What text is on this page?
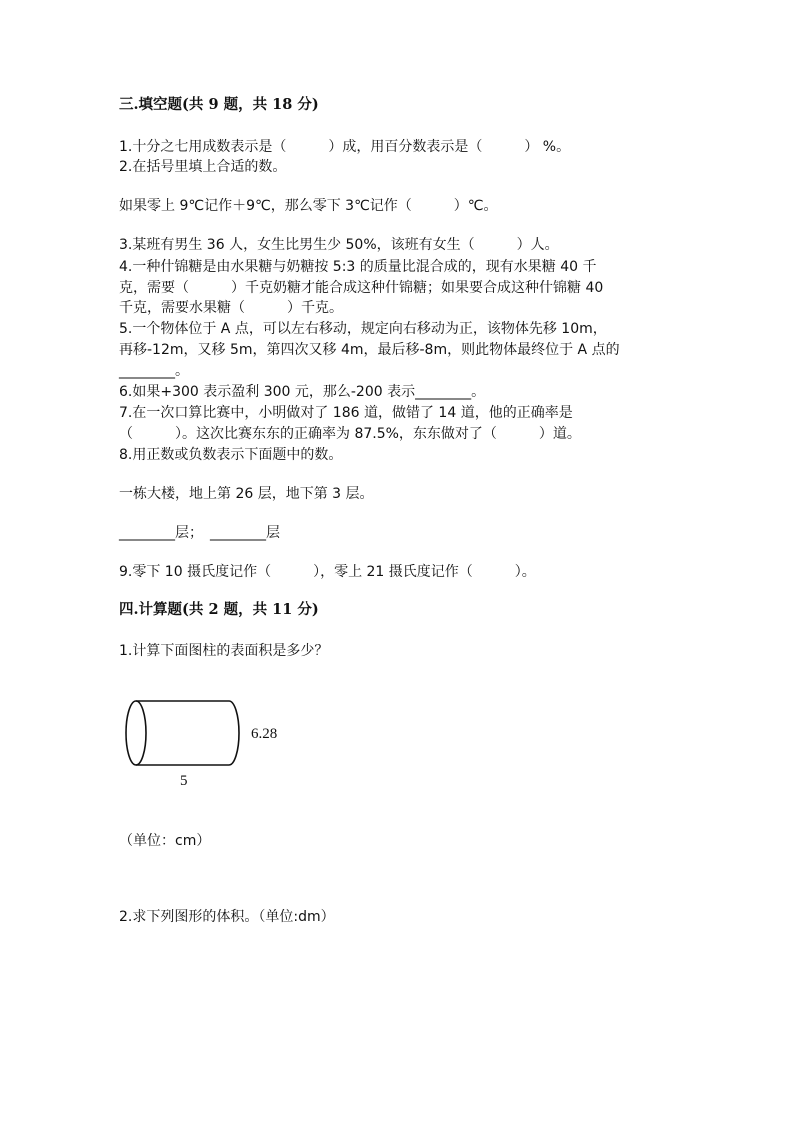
三.填空题(共 9 题，共 18 分)
1.十分之七用成数表示是（　　　）成，用百分数表示是（　　　） %。
2.在括号里填上合适的数。
如果零上 9℃记作＋9℃，那么零下 3℃记作（　　　）℃。
3.某班有男生 36 人，女生比男生少 50%，该班有女生（　　　）人。
4.一种什锦糖是由水果糖与奶糖按 5:3 的质量比混合成的，现有水果糖 40 千
克，需要（　　　）千克奶糖才能合成这种什锦糖；如果要合成这种什锦糖 40
千克，需要水果糖（　　　）千克。
5.一个物体位于 A 点，可以左右移动，规定向右移动为正，该物体先移 10m，
再移-12m，又移 5m，第四次又移 4m，最后移-8m，则此物体最终位于 A 点的
________。
6.如果+300 表示盈利 300 元，那么-200 表示________。
7.在一次口算比赛中，小明做对了 186 道，做错了 14 道，他的正确率是
（　　　）。这次比赛东东的正确率为 87.5%，东东做对了（　　　）道。
8.用正数或负数表示下面题中的数。
一栋大楼，地上第 26 层，地下第 3 层。
________层；　________层
9.零下 10 摄氏度记作（　　　），零上 21 摄氏度记作（　　　）。
四.计算题(共 2 题，共 11 分)
1.计算下面图柱的表面积是多少？
6.28
5
（单位：cm）
2.求下列图形的体积。（单位:dm）
